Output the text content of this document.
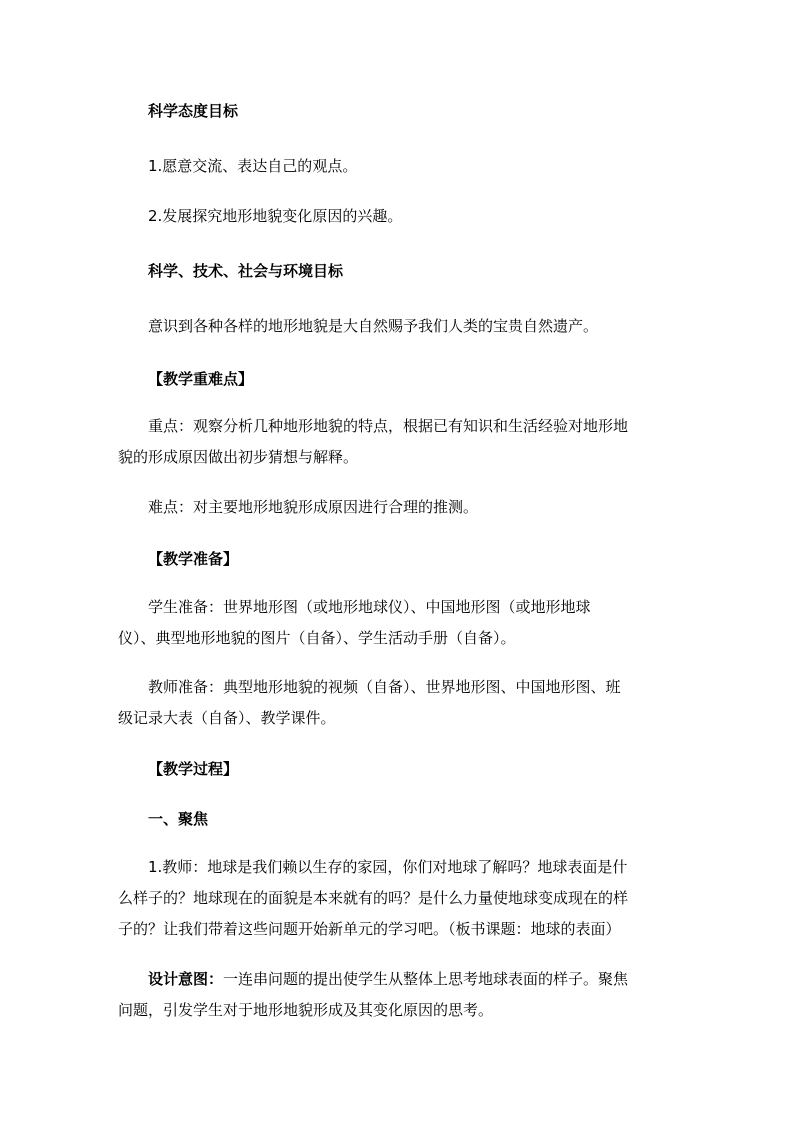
科学态度目标
1.愿意交流、表达自己的观点。
2.发展探究地形地貌变化原因的兴趣。
科学、技术、社会与环境目标
意识到各种各样的地形地貌是大自然赐予我们人类的宝贵自然遗产。
【教学重难点】
重点：观察分析几种地形地貌的特点，根据已有知识和生活经验对地形地
貌的形成原因做出初步猜想与解释。
难点：对主要地形地貌形成原因进行合理的推测。
【教学准备】
学生准备：世界地形图（或地形地球仪）、中国地形图（或地形地球
仪）、典型地形地貌的图片（自备）、学生活动手册（自备）。
教师准备：典型地形地貌的视频（自备）、世界地形图、中国地形图、班
级记录大表（自备）、教学课件。
【教学过程】
一、聚焦
1.教师：地球是我们赖以生存的家园，你们对地球了解吗？地球表面是什
么样子的？地球现在的面貌是本来就有的吗？是什么力量使地球变成现在的样
子的？让我们带着这些问题开始新单元的学习吧。（板书课题：地球的表面）
设计意图：一连串问题的提出使学生从整体上思考地球表面的样子。聚焦
问题，引发学生对于地形地貌形成及其变化原因的思考。
